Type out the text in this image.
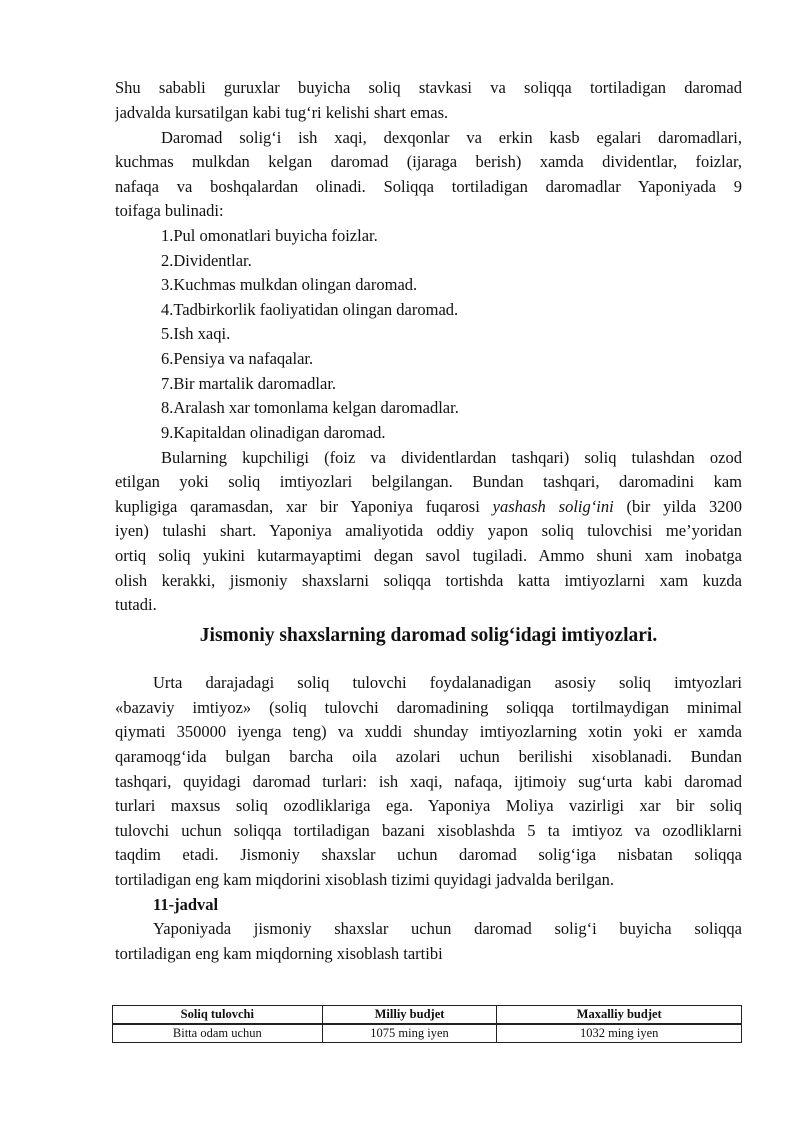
Shu sababli guruxlar buyicha soliq stavkasi va soliqqa tortiladigan daromad
jadvalda kursatilgan kabi tug‘ri kelishi shart emas.
Daromad solig‘i ish xaqi, dexqonlar va erkin kasb egalari daromadlari,
kuchmas mulkdan kelgan daromad (ijaraga berish) xamda dividentlar, foizlar,
nafaqa va boshqalardan olinadi. Soliqqa tortiladigan daromadlar Yaponiyada 9
toifaga bulinadi:
1.Pul omonatlari buyicha foizlar.
2.Dividentlar.
3.Kuchmas mulkdan olingan daromad.
4.Tadbirkorlik faoliyatidan olingan daromad.
5.Ish xaqi.
6.Pensiya va nafaqalar.
7.Bir martalik daromadlar.
8.Aralash xar tomonlama kelgan daromadlar.
9.Kapitaldan olinadigan daromad.
Bularning kupchiligi (foiz va dividentlardan tashqari) soliq tulashdan ozod
etilgan yoki soliq imtiyozlari belgilangan. Bundan tashqari, daromadini kam
kupligiga qaramasdan, xar bir Yaponiya fuqarosi yashash solig‘ini (bir yilda 3200
iyen) tulashi shart. Yaponiya amaliyotida oddiy yapon soliq tulovchisi me’yoridan
ortiq soliq yukini kutarmayaptimi degan savol tugiladi. Ammo shuni xam inobatga
olish kerakki, jismoniy shaxslarni soliqqa tortishda katta imtiyozlarni xam kuzda
tutadi.
Jismoniy shaxslarning daromad solig‘idagi imtiyozlari.
Urta darajadagi soliq tulovchi foydalanadigan asosiy soliq imtyozlari
«bazaviy imtiyoz» (soliq tulovchi daromadining soliqqa tortilmaydigan minimal
qiymati 350000 iyenga teng) va xuddi shunday imtiyozlarning xotin yoki er xamda
qaramoqg‘ida bulgan barcha oila azolari uchun berilishi xisoblanadi. Bundan
tashqari, quyidagi daromad turlari: ish xaqi, nafaqa, ijtimoiy sug‘urta kabi daromad
turlari maxsus soliq ozodliklariga ega. Yaponiya Moliya vazirligi xar bir soliq
tulovchi uchun soliqqa tortiladigan bazani xisoblashda 5 ta imtiyoz va ozodliklarni
taqdim etadi. Jismoniy shaxslar uchun daromad solig‘iga nisbatan soliqqa
tortiladigan eng kam miqdorini xisoblash tizimi quyidagi jadvalda berilgan.
11-jadval
Yaponiyada jismoniy shaxslar uchun daromad solig‘i buyicha soliqqa
tortiladigan eng kam miqdorning xisoblash tartibi
Soliq tulovchi	Milliy budjet	Maxalliy budjet
Bitta odam uchun	1075 ming iyen	1032 ming iyen
